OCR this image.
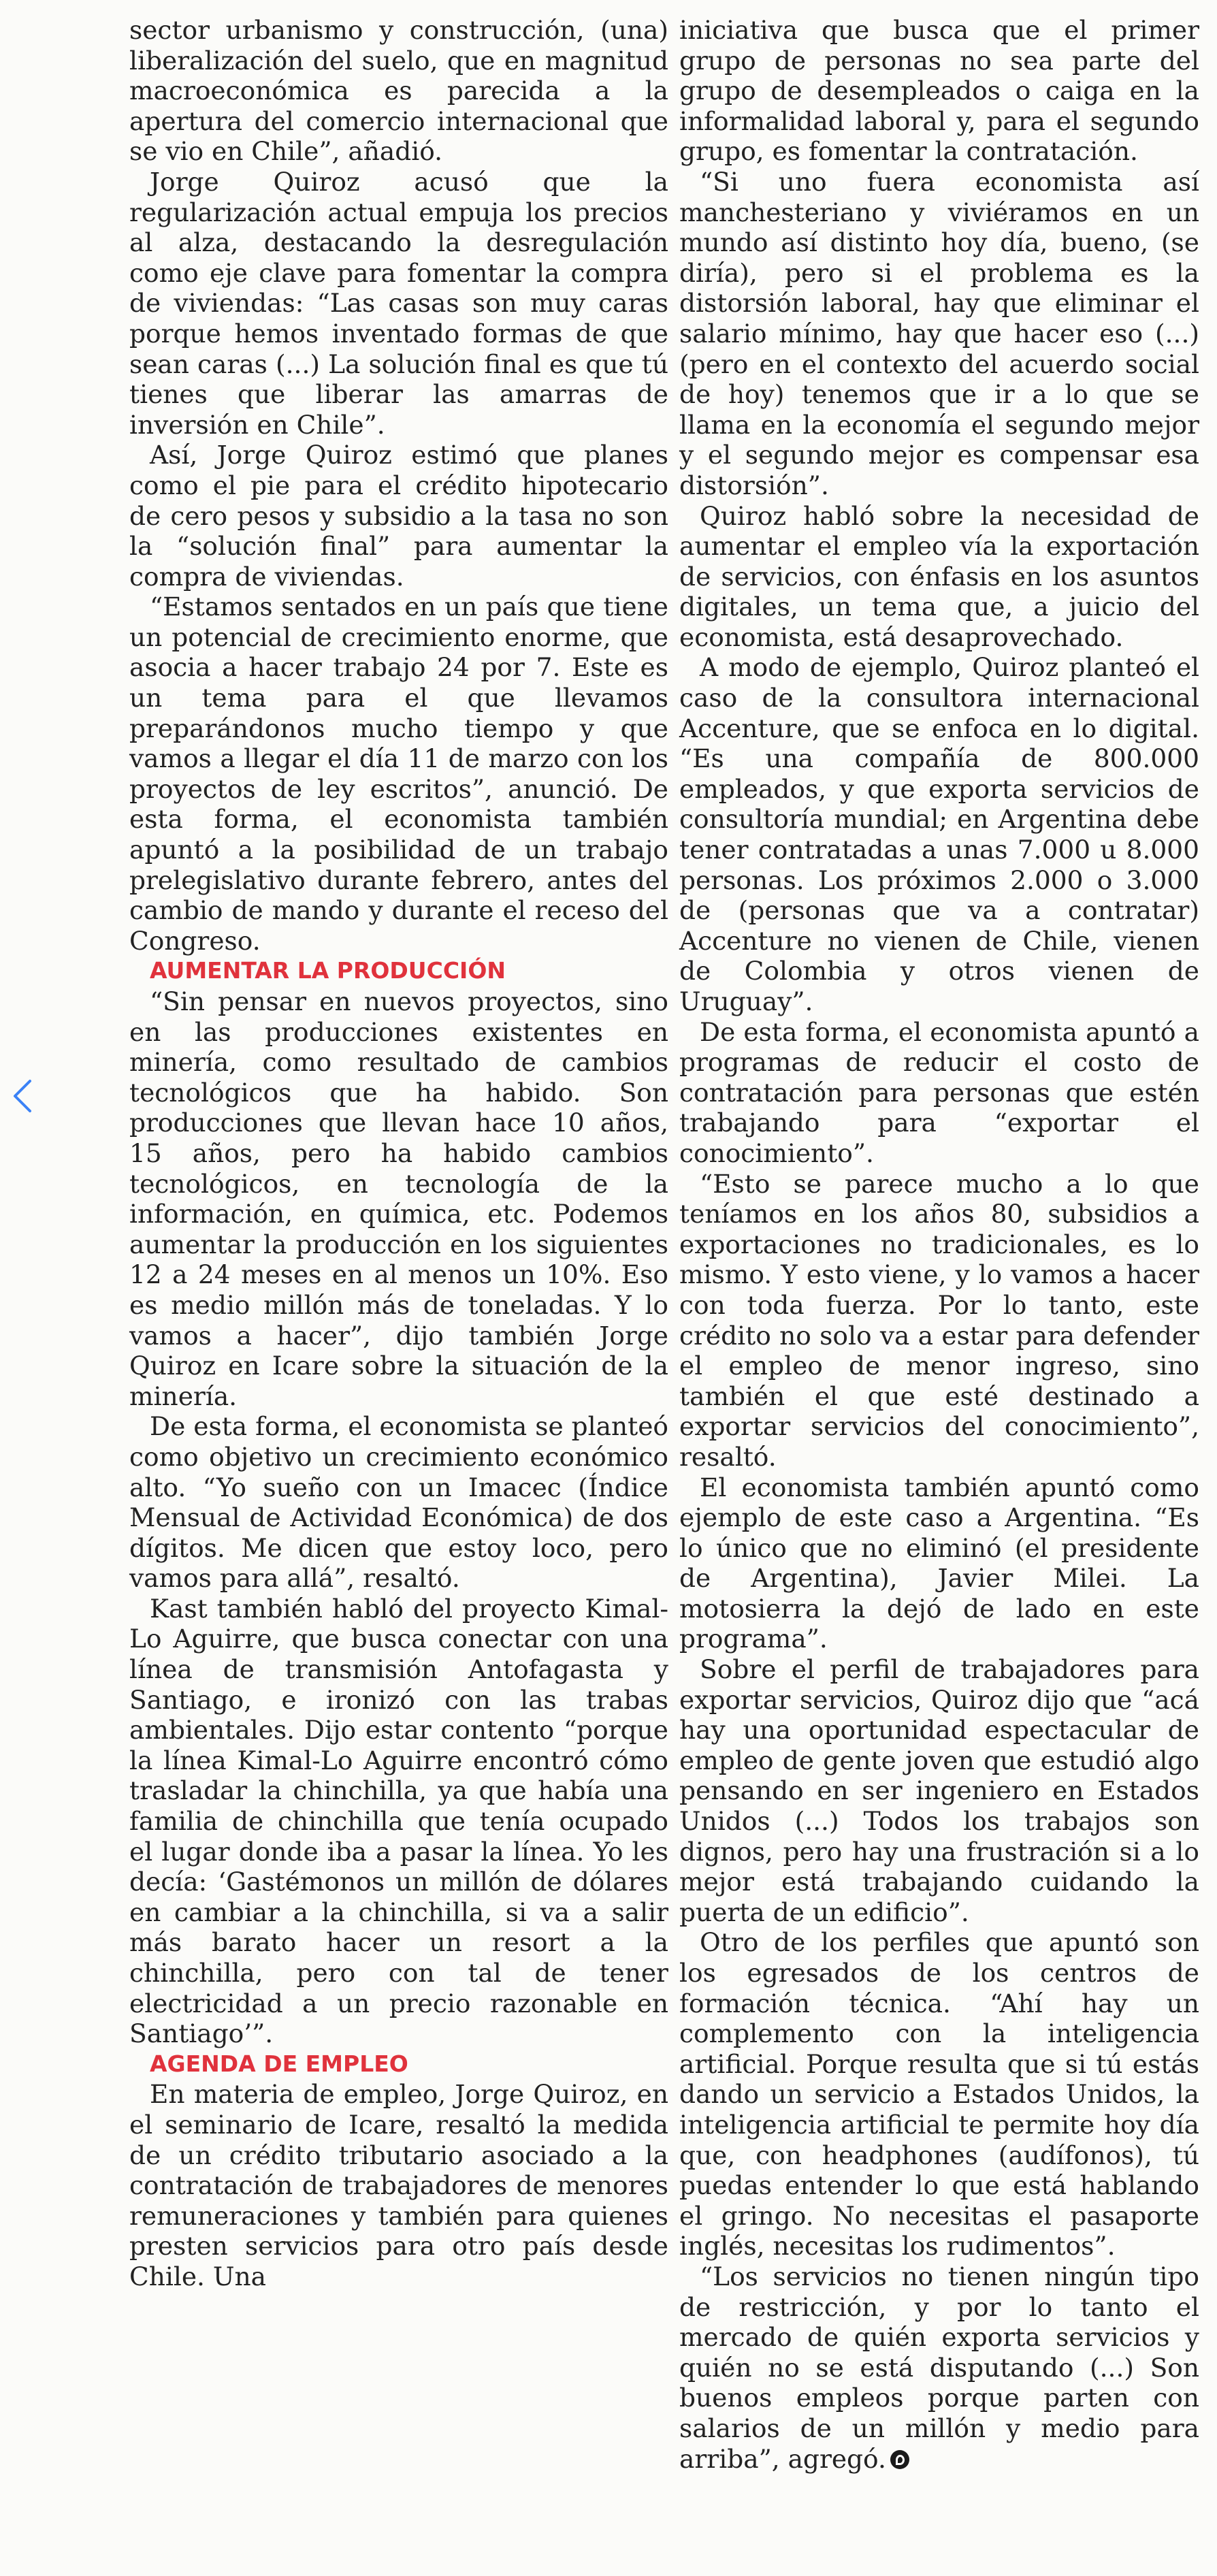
sector urbanismo y construcción, (una) liberalización del suelo, que en magnitud macroeconómica es parecida a la apertura del comercio internacional que se vio en Chile”, añadió.

Jorge Quiroz acusó que la regularización actual empuja los precios al alza, destacando la desregulación como eje clave para fomentar la compra de viviendas: “Las casas son muy caras porque hemos inventado formas de que sean caras (...) La solución final es que tú tienes que liberar las amarras de inversión en Chile”.

Así, Jorge Quiroz estimó que planes como el pie para el crédito hipotecario de cero pesos y subsidio a la tasa no son la “solución final” para aumentar la compra de viviendas.

“Estamos sentados en un país que tiene un potencial de crecimiento enorme, que asocia a hacer trabajo 24 por 7. Este es un tema para el que llevamos preparándonos mucho tiempo y que vamos a llegar el día 11 de marzo con los proyectos de ley escritos”, anunció. De esta forma, el economista también apuntó a la posibilidad de un trabajo prelegislativo durante febrero, antes del cambio de mando y durante el receso del Congreso.

AUMENTAR LA PRODUCCIÓN

“Sin pensar en nuevos proyectos, sino en las producciones existentes en minería, como resultado de cambios tecnológicos que ha habido. Son producciones que llevan hace 10 años, 15 años, pero ha habido cambios tecnológicos, en tecnología de la información, en química, etc. Podemos aumentar la producción en los siguientes 12 a 24 meses en al menos un 10%. Eso es medio millón más de toneladas. Y lo vamos a hacer”, dijo también Jorge Quiroz en Icare sobre la situación de la minería.

De esta forma, el economista se planteó como objetivo un crecimiento económico alto. “Yo sueño con un Imacec (Índice Mensual de Actividad Económica) de dos dígitos. Me dicen que estoy loco, pero vamos para allá”, resaltó.

Kast también habló del proyecto Kimal-Lo Aguirre, que busca conectar con una línea de transmisión Antofagasta y Santiago, e ironizó con las trabas ambientales. Dijo estar contento “porque la línea Kimal-Lo Aguirre encontró cómo trasladar la chinchilla, ya que había una familia de chinchilla que tenía ocupado el lugar donde iba a pasar la línea. Yo les decía: ‘Gastémonos un millón de dólares en cambiar a la chinchilla, si va a salir más barato hacer un resort a la chinchilla, pero con tal de tener electricidad a un precio razonable en Santiago’”.

AGENDA DE EMPLEO

En materia de empleo, Jorge Quiroz, en el seminario de Icare, resaltó la medida de un crédito tributario asociado a la contratación de trabajadores de menores remuneraciones y también para quienes presten servicios para otro país desde Chile. Una

iniciativa que busca que el primer grupo de personas no sea parte del grupo de desempleados o caiga en la informalidad laboral y, para el segundo grupo, es fomentar la contratación.

“Si uno fuera economista así manchesteriano y viviéramos en un mundo así distinto hoy día, bueno, (se diría), pero si el problema es la distorsión laboral, hay que eliminar el salario mínimo, hay que hacer eso (...) (pero en el contexto del acuerdo social de hoy) tenemos que ir a lo que se llama en la economía el segundo mejor y el segundo mejor es compensar esa distorsión”.

Quiroz habló sobre la necesidad de aumentar el empleo vía la exportación de servicios, con énfasis en los asuntos digitales, un tema que, a juicio del economista, está desaprovechado.

A modo de ejemplo, Quiroz planteó el caso de la consultora internacional Accenture, que se enfoca en lo digital. “Es una compañía de 800.000 empleados, y que exporta servicios de consultoría mundial; en Argentina debe tener contratadas a unas 7.000 u 8.000 personas. Los próximos 2.000 o 3.000 de (personas que va a contratar) Accenture no vienen de Chile, vienen de Colombia y otros vienen de Uruguay”.

De esta forma, el economista apuntó a programas de reducir el costo de contratación para personas que estén trabajando para “exportar el conocimiento”.

“Esto se parece mucho a lo que teníamos en los años 80, subsidios a exportaciones no tradicionales, es lo mismo. Y esto viene, y lo vamos a hacer con toda fuerza. Por lo tanto, este crédito no solo va a estar para defender el empleo de menor ingreso, sino también el que esté destinado a exportar servicios del conocimiento”, resaltó.

El economista también apuntó como ejemplo de este caso a Argentina. “Es lo único que no eliminó (el presidente de Argentina), Javier Milei. La motosierra la dejó de lado en este programa”.

Sobre el perfil de trabajadores para exportar servicios, Quiroz dijo que “acá hay una oportunidad espectacular de empleo de gente joven que estudió algo pensando en ser ingeniero en Estados Unidos (...) Todos los trabajos son dignos, pero hay una frustración si a lo mejor está trabajando cuidando la puerta de un edificio”.

Otro de los perfiles que apuntó son los egresados de los centros de formación técnica. “Ahí hay un complemento con la inteligencia artificial. Porque resulta que si tú estás dando un servicio a Estados Unidos, la inteligencia artificial te permite hoy día que, con headphones (audífonos), tú puedas entender lo que está hablando el gringo. No necesitas el pasaporte inglés, necesitas los rudimentos”.

“Los servicios no tienen ningún tipo de restricción, y por lo tanto el mercado de quién exporta servicios y quién no se está disputando (...) Son buenos empleos porque parten con salarios de un millón y medio para arriba”, agregó.
